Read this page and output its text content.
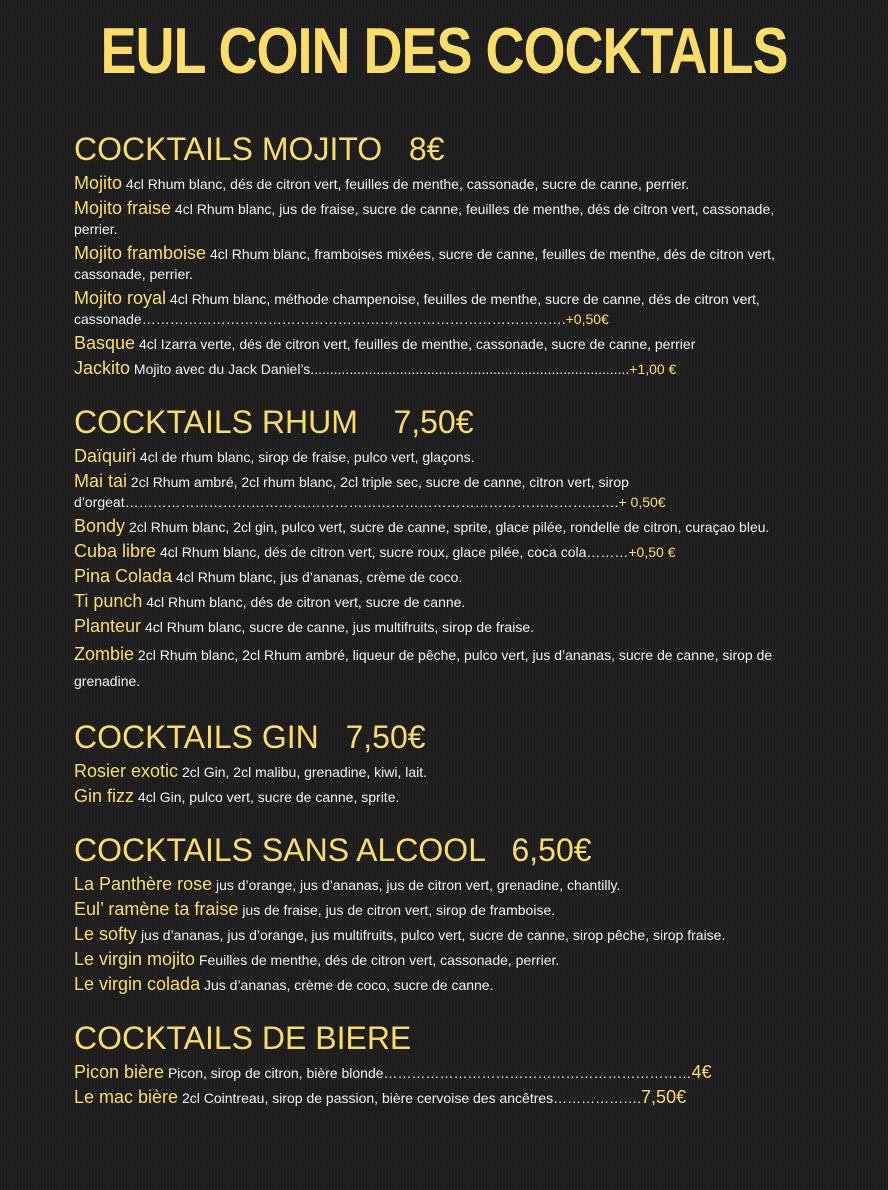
EUL COIN DES COCKTAILS
COCKTAILS MOJITO 8€
Mojito 4cl Rhum blanc, dés de citron vert, feuilles de menthe, cassonade, sucre de canne, perrier.
Mojito fraise 4cl Rhum blanc, jus de fraise, sucre de canne, feuilles de menthe, dés de citron vert, cassonade, perrier.
Mojito framboise 4cl Rhum blanc, framboises mixées, sucre de canne, feuilles de menthe, dés de citron vert, cassonade, perrier.
Mojito royal 4cl Rhum blanc, méthode champenoise, feuilles de menthe, sucre de canne, dés de citron vert, cassonade……………………………………………………………………………….+0,50€
Basque 4cl Izarra verte, dés de citron vert, feuilles de menthe, cassonade, sucre de canne, perrier
Jackito Mojito avec du Jack Daniel’s..................................................................................+1,00 €
COCKTAILS RHUM 7,50€
Daïquiri 4cl de rhum blanc, sirop de fraise, pulco vert, glaçons.
Mai tai 2cl Rhum ambré, 2cl rhum blanc, 2cl triple sec, sucre de canne, citron vert, sirop d’orgeat…………………………………………………………………………………………….+ 0,50€
Bondy 2cl Rhum blanc, 2cl gin, pulco vert, sucre de canne, sprite, glace pilée, rondelle de citron, curaçao bleu.
Cuba libre 4cl Rhum blanc, dés de citron vert, sucre roux, glace pilée, coca cola………+0,50 €
Pina Colada 4cl Rhum blanc, jus d’ananas, crème de coco.
Ti punch 4cl Rhum blanc, dés de citron vert, sucre de canne.
Planteur 4cl Rhum blanc, sucre de canne, jus multifruits, sirop de fraise.
Zombie 2cl Rhum blanc, 2cl Rhum ambré, liqueur de pêche, pulco vert, jus d’ananas, sucre de canne, sirop de grenadine.
COCKTAILS GIN 7,50€
Rosier exotic 2cl Gin, 2cl malibu, grenadine, kiwi, lait.
Gin fizz 4cl Gin, pulco vert, sucre de canne, sprite.
COCKTAILS SANS ALCOOL 6,50€
La Panthère rose jus d’orange, jus d’ananas, jus de citron vert, grenadine, chantilly.
Eul’ ramène ta fraise jus de fraise, jus de citron vert, sirop de framboise.
Le softy jus d’ananas, jus d’orange, jus multifruits, pulco vert, sucre de canne, sirop pêche, sirop fraise.
Le virgin mojito Feuilles de menthe, dés de citron vert, cassonade, perrier.
Le virgin colada Jus d’ananas, crème de coco, sucre de canne.
COCKTAILS DE BIERE
Picon bière Picon, sirop de citron, bière blonde…………………………………………………………4€
Le mac bière 2cl Cointreau, sirop de passion, bière cervoise des ancêtres……………….7,50€
